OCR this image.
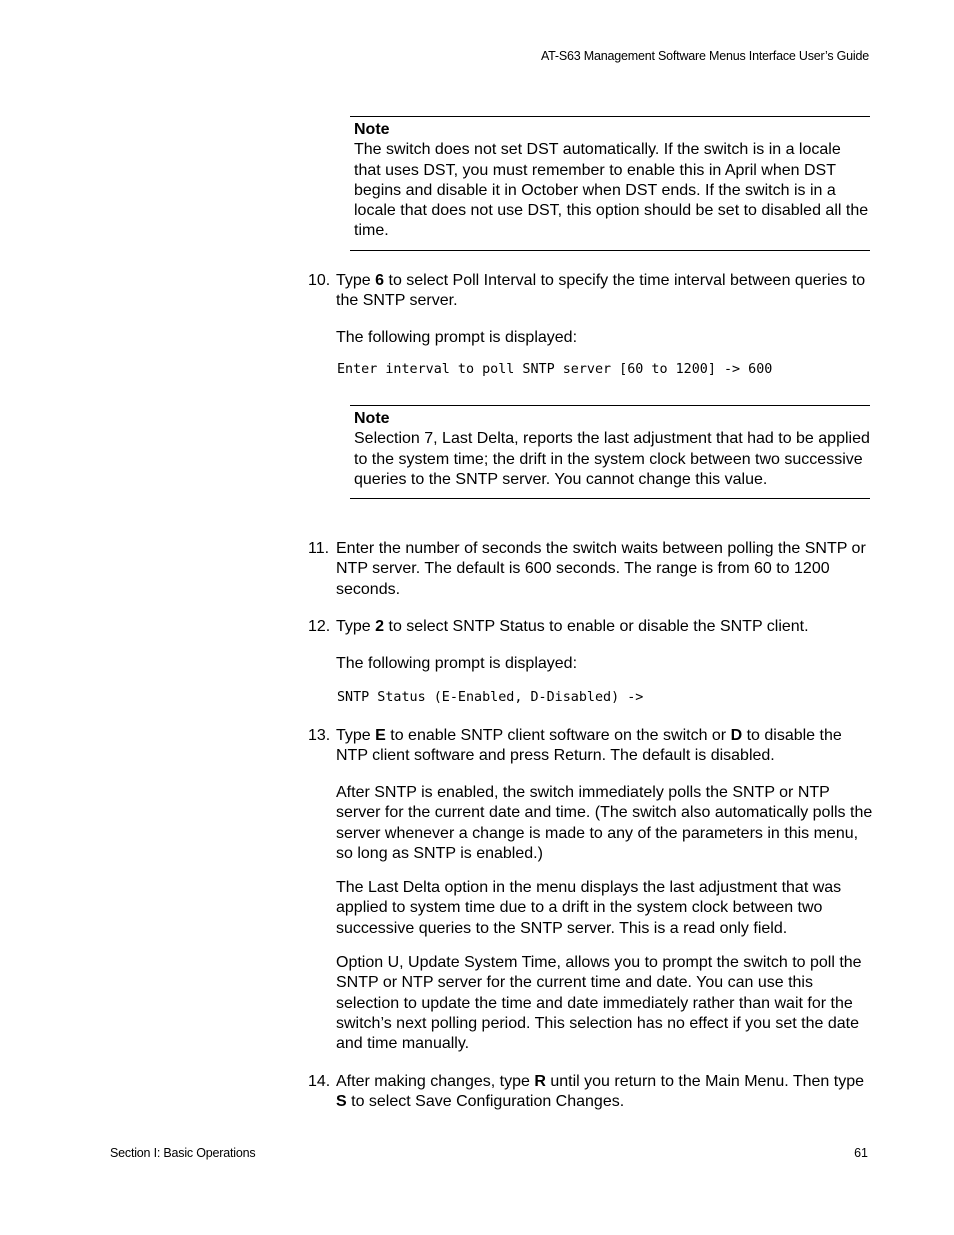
AT-S63 Management Software Menus Interface User’s Guide
Note
The switch does not set DST automatically. If the switch is in a locale that uses DST, you must remember to enable this in April when DST begins and disable it in October when DST ends. If the switch is in a locale that does not use DST, this option should be set to disabled all the time.
10. Type 6 to select Poll Interval to specify the time interval between queries to the SNTP server.
The following prompt is displayed:
Enter interval to poll SNTP server [60 to 1200] -> 600
Note
Selection 7, Last Delta, reports the last adjustment that had to be applied to the system time; the drift in the system clock between two successive queries to the SNTP server. You cannot change this value.
11. Enter the number of seconds the switch waits between polling the SNTP or NTP server. The default is 600 seconds. The range is from 60 to 1200 seconds.
12. Type 2 to select SNTP Status to enable or disable the SNTP client.
The following prompt is displayed:
SNTP Status (E-Enabled, D-Disabled) ->
13. Type E to enable SNTP client software on the switch or D to disable the NTP client software and press Return. The default is disabled.
After SNTP is enabled, the switch immediately polls the SNTP or NTP server for the current date and time. (The switch also automatically polls the server whenever a change is made to any of the parameters in this menu, so long as SNTP is enabled.)
The Last Delta option in the menu displays the last adjustment that was applied to system time due to a drift in the system clock between two successive queries to the SNTP server. This is a read only field.
Option U, Update System Time, allows you to prompt the switch to poll the SNTP or NTP server for the current time and date. You can use this selection to update the time and date immediately rather than wait for the switch’s next polling period. This selection has no effect if you set the date and time manually.
14. After making changes, type R until you return to the Main Menu. Then type S to select Save Configuration Changes.
Section I: Basic Operations	61
